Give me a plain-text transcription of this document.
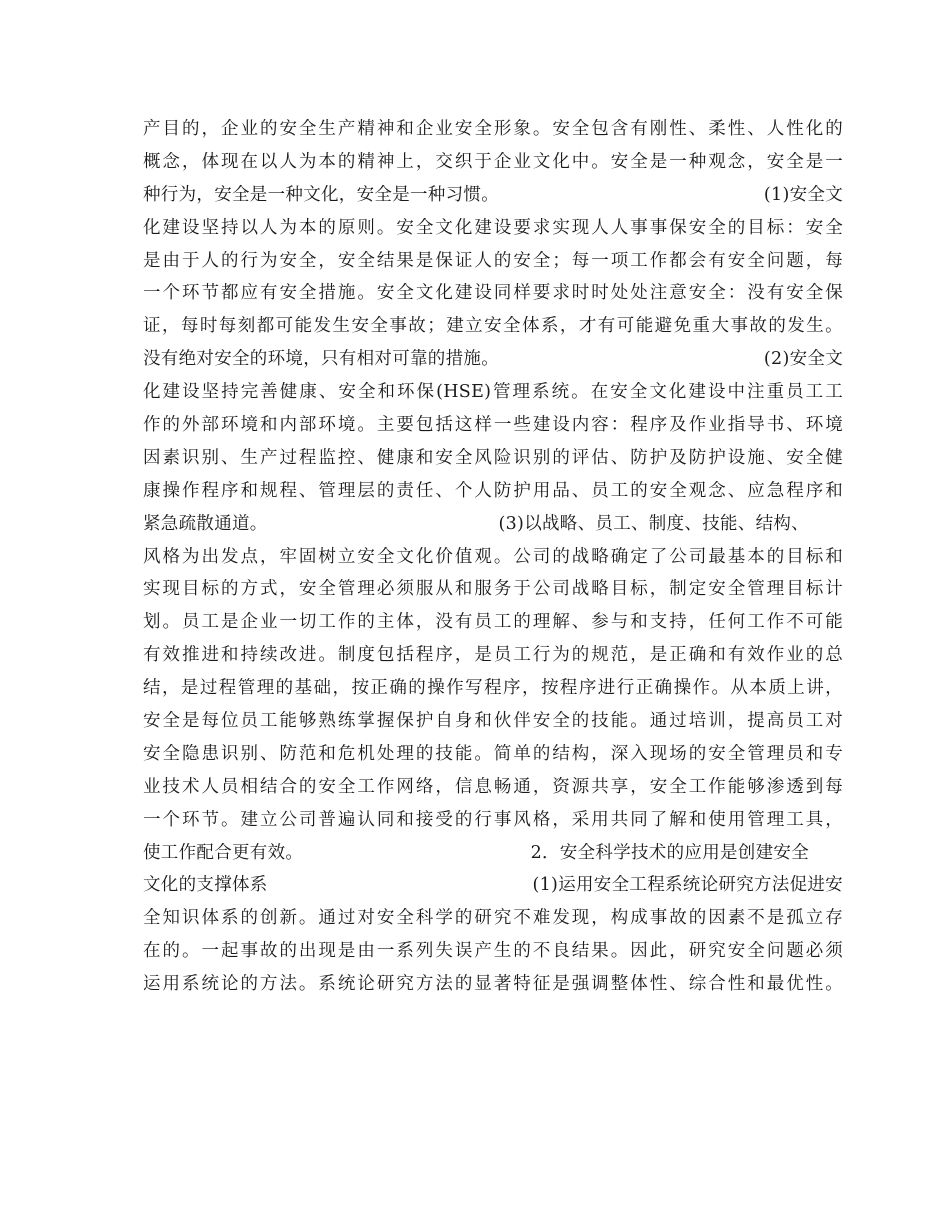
产目的，企业的安全生产精神和企业安全形象。安全包含有刚性、柔性、人性化的
概念，体现在以人为本的精神上，交织于企业文化中。安全是一种观念，安全是一
种行为，安全是一种文化，安全是一种习惯。	(1)安全文
化建设坚持以人为本的原则。安全文化建设要求实现人人事事保安全的目标：安全
是由于人的行为安全，安全结果是保证人的安全；每一项工作都会有安全问题，每
一个环节都应有安全措施。安全文化建设同样要求时时处处注意安全：没有安全保
证，每时每刻都可能发生安全事故；建立安全体系，才有可能避免重大事故的发生。
没有绝对安全的环境，只有相对可靠的措施。	(2)安全文
化建设坚持完善健康、安全和环保(HSE)管理系统。在安全文化建设中注重员工工
作的外部环境和内部环境。主要包括这样一些建设内容：程序及作业指导书、环境
因素识别、生产过程监控、健康和安全风险识别的评估、防护及防护设施、安全健
康操作程序和规程、管理层的责任、个人防护用品、员工的安全观念、应急程序和
紧急疏散通道。	(3)以战略、员工、制度、技能、结构、
风格为出发点，牢固树立安全文化价值观。公司的战略确定了公司最基本的目标和
实现目标的方式，安全管理必须服从和服务于公司战略目标，制定安全管理目标计
划。员工是企业一切工作的主体，没有员工的理解、参与和支持，任何工作不可能
有效推进和持续改进。制度包括程序，是员工行为的规范，是正确和有效作业的总
结，是过程管理的基础，按正确的操作写程序，按程序进行正确操作。从本质上讲，
安全是每位员工能够熟练掌握保护自身和伙伴安全的技能。通过培训，提高员工对
安全隐患识别、防范和危机处理的技能。简单的结构，深入现场的安全管理员和专
业技术人员相结合的安全工作网络，信息畅通，资源共享，安全工作能够渗透到每
一个环节。建立公司普遍认同和接受的行事风格，采用共同了解和使用管理工具，
使工作配合更有效。	2．安全科学技术的应用是创建安全
文化的支撑体系	(1)运用安全工程系统论研究方法促进安
全知识体系的创新。通过对安全科学的研究不难发现，构成事故的因素不是孤立存
在的。一起事故的出现是由一系列失误产生的不良结果。因此，研究安全问题必须
运用系统论的方法。系统论研究方法的显著特征是强调整体性、综合性和最优性。
